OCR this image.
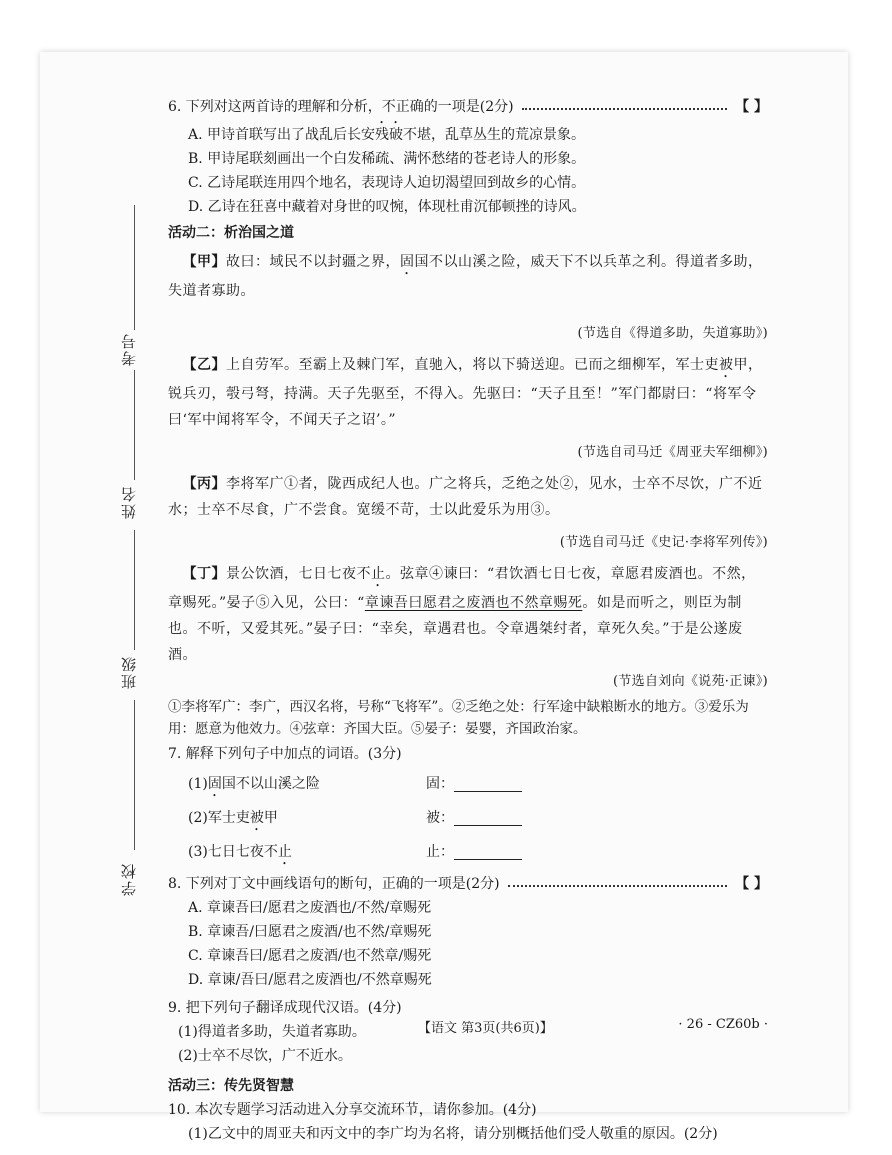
考号
姓名
班级
学校
6. 下列对这两首诗的理解和分析，不正确的一项是(2分)	【 】
A. 甲诗首联写出了战乱后长安残破不堪，乱草丛生的荒凉景象。
B. 甲诗尾联刻画出一个白发稀疏、满怀愁绪的苍老诗人的形象。
C. 乙诗尾联连用四个地名，表现诗人迫切渴望回到故乡的心情。
D. 乙诗在狂喜中藏着对身世的叹惋，体现杜甫沉郁顿挫的诗风。
活动二：析治国之道

 【甲】故曰：域民不以封疆之界，固国不以山溪之险，威天下不以兵革之利。得道者多助，失道者寡助。

(节选自《得道多助，失道寡助》)

 【乙】上自劳军。至霸上及棘门军，直驰入，将以下骑送迎。已而之细柳军，军士吏被甲，锐兵刃，彀弓弩，持满。天子先驱至，不得入。先驱曰：“天子且至！”军门都尉曰：“将军令曰‘军中闻将军令，不闻天子之诏’。”

(节选自司马迁《周亚夫军细柳》)

 【丙】李将军广①者，陇西成纪人也。广之将兵，乏绝之处②，见水，士卒不尽饮，广不近水；士卒不尽食，广不尝食。宽缓不苛，士以此爱乐为用③。

(节选自司马迁《史记·李将军列传》)

 【丁】景公饮酒，七日七夜不止。弦章④谏曰：“君饮酒七日七夜，章愿君废酒也。不然，章赐死。”晏子⑤入见，公曰：“章谏吾曰愿君之废酒也不然章赐死。如是而听之，则臣为制也。不听，又爱其死。”晏子曰：“幸矣，章遇君也。令章遇桀纣者，章死久矣。”于是公遂废酒。

(节选自刘向《说苑·正谏》)
①李将军广：李广，西汉名将，号称“飞将军”。②乏绝之处：行军途中缺粮断水的地方。③爱乐为用：愿意为他效力。④弦章：齐国大臣。⑤晏子：晏婴，齐国政治家。
7. 解释下列句子中加点的词语。(3分)
(1)固国不以山溪之险	固：
(2)军士吏被甲	被：
(3)七日七夜不止	止：
8. 下列对丁文中画线语句的断句，正确的一项是(2分)	【 】
A. 章谏吾曰/愿君之废酒也/不然/章赐死
B. 章谏吾/曰愿君之废酒/也不然/章赐死
C. 章谏吾曰/愿君之废酒/也不然章/赐死
D. 章谏/吾曰/愿君之废酒也/不然章赐死
9. 把下列句子翻译成现代汉语。(4分)
(1)得道者多助，失道者寡助。
(2)士卒不尽饮，广不近水。
活动三：传先贤智慧
10. 本次专题学习活动进入分享交流环节，请你参加。(4分)
(1)乙文中的周亚夫和丙文中的李广均为名将，请分别概括他们受人敬重的原因。(2分)
【语文 第3页(共6页)】	· 26 - CZ60b ·
